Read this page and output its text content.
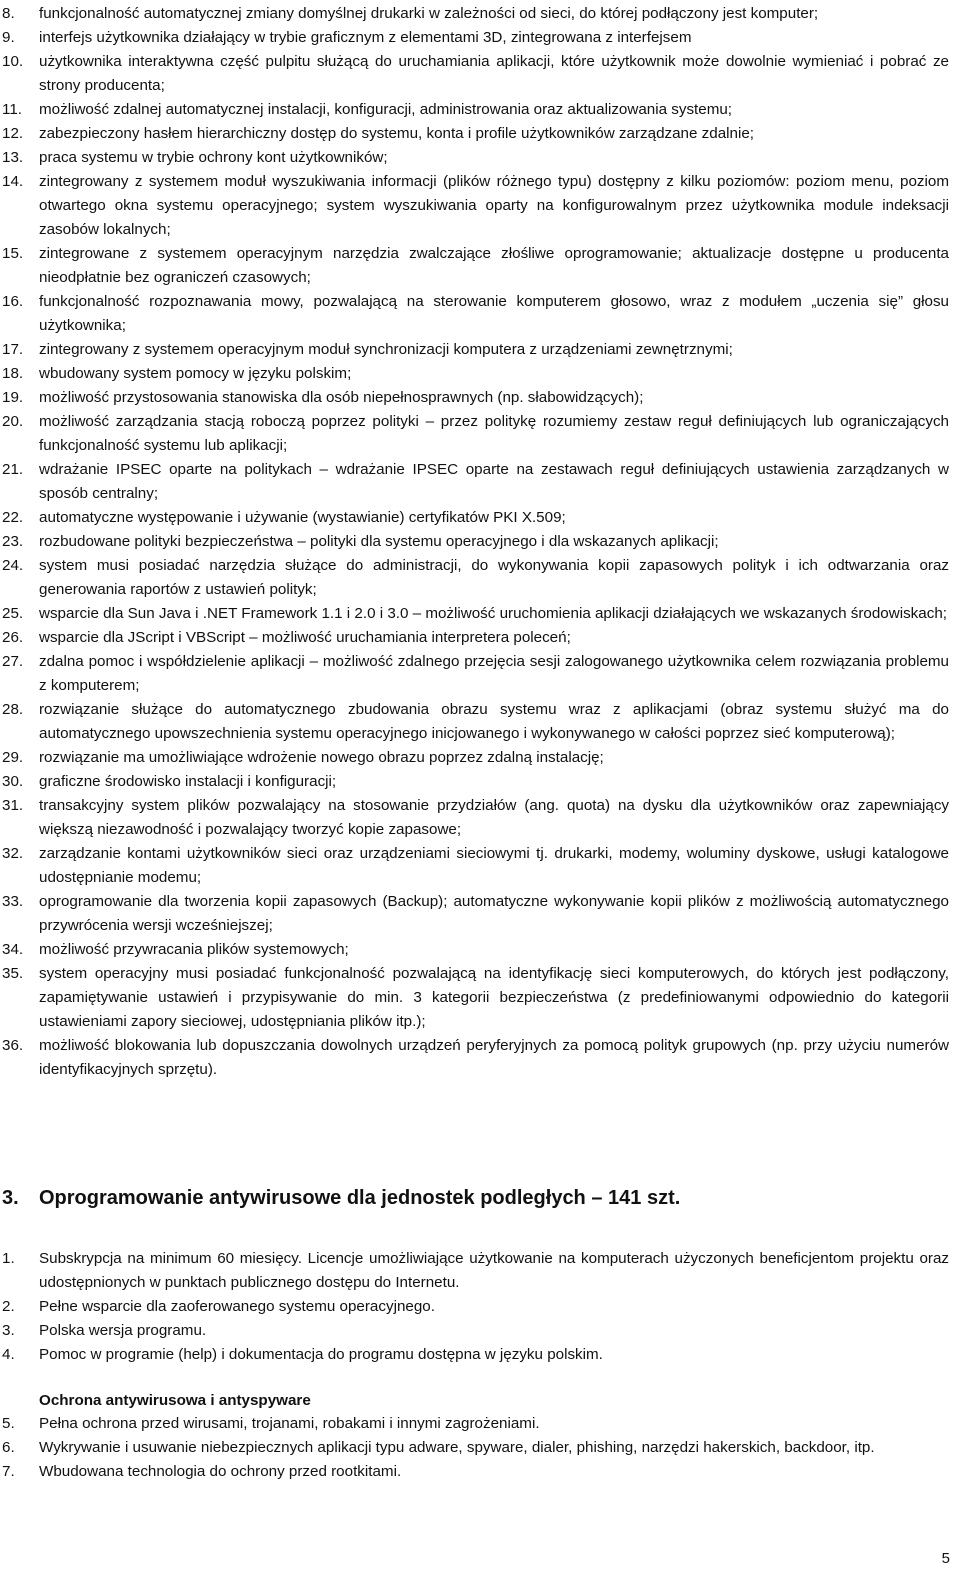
8.	funkcjonalność automatycznej zmiany domyślnej drukarki w zależności od sieci, do której podłączony jest komputer;
9.	interfejs użytkownika działający w trybie graficznym z elementami 3D, zintegrowana z interfejsem
10.	użytkownika interaktywna część pulpitu służącą do uruchamiania aplikacji, które użytkownik może dowolnie wymieniać i pobrać ze strony producenta;
11.	możliwość zdalnej automatycznej instalacji, konfiguracji, administrowania oraz aktualizowania systemu;
12.	zabezpieczony hasłem hierarchiczny dostęp do systemu, konta i profile użytkowników zarządzane zdalnie;
13.	praca systemu w trybie ochrony kont użytkowników;
14.	zintegrowany z systemem moduł wyszukiwania informacji (plików różnego typu) dostępny z kilku poziomów: poziom menu, poziom otwartego okna systemu operacyjnego; system wyszukiwania oparty na konfigurowalnym przez użytkownika module indeksacji zasobów lokalnych;
15.	zintegrowane z systemem operacyjnym narzędzia zwalczające złośliwe oprogramowanie; aktualizacje dostępne u producenta nieodpłatnie bez ograniczeń czasowych;
16.	funkcjonalność rozpoznawania mowy, pozwalającą na sterowanie komputerem głosowo, wraz z modułem „uczenia się” głosu użytkownika;
17.	zintegrowany z systemem operacyjnym moduł synchronizacji komputera z urządzeniami zewnętrznymi;
18.	wbudowany system pomocy w języku polskim;
19.	możliwość przystosowania stanowiska dla osób niepełnosprawnych (np. słabowidzących);
20.	możliwość zarządzania stacją roboczą poprzez polityki – przez politykę rozumiemy zestaw reguł definiujących lub ograniczających funkcjonalność systemu lub aplikacji;
21.	wdrażanie IPSEC oparte na politykach – wdrażanie IPSEC oparte na zestawach reguł definiujących ustawienia zarządzanych w sposób centralny;
22.	automatyczne występowanie i używanie (wystawianie) certyfikatów PKI X.509;
23.	rozbudowane polityki bezpieczeństwa – polityki dla systemu operacyjnego i dla wskazanych aplikacji;
24.	system musi posiadać narzędzia służące do administracji, do wykonywania kopii zapasowych polityk i ich odtwarzania oraz generowania raportów z ustawień polityk;
25.	wsparcie dla Sun Java i .NET Framework 1.1 i 2.0 i 3.0 – możliwość uruchomienia aplikacji działających we wskazanych środowiskach;
26.	wsparcie dla JScript i VBScript – możliwość uruchamiania interpretera poleceń;
27.	zdalna pomoc i współdzielenie aplikacji – możliwość zdalnego przejęcia sesji zalogowanego użytkownika celem rozwiązania problemu z komputerem;
28.	rozwiązanie służące do automatycznego zbudowania obrazu systemu wraz z aplikacjami (obraz systemu służyć ma do automatycznego upowszechnienia systemu operacyjnego inicjowanego i wykonywanego w całości poprzez sieć komputerową);
29.	rozwiązanie ma umożliwiające wdrożenie nowego obrazu poprzez zdalną instalację;
30.	graficzne środowisko instalacji i konfiguracji;
31.	transakcyjny system plików pozwalający na stosowanie przydziałów (ang. quota) na dysku dla użytkowników oraz zapewniający większą niezawodność i pozwalający tworzyć kopie zapasowe;
32.	zarządzanie kontami użytkowników sieci oraz urządzeniami sieciowymi tj. drukarki, modemy, woluminy dyskowe, usługi katalogowe udostępnianie modemu;
33.	oprogramowanie dla tworzenia kopii zapasowych (Backup); automatyczne wykonywanie kopii plików z możliwością automatycznego przywrócenia wersji wcześniejszej;
34.	możliwość przywracania plików systemowych;
35.	system operacyjny musi posiadać funkcjonalność pozwalającą na identyfikację sieci komputerowych, do których jest podłączony, zapamiętywanie ustawień i przypisywanie do min. 3 kategorii bezpieczeństwa (z predefiniowanymi odpowiednio do kategorii ustawieniami zapory sieciowej, udostępniania plików itp.);
36.	możliwość blokowania lub dopuszczania dowolnych urządzeń peryferyjnych za pomocą polityk grupowych (np. przy użyciu numerów identyfikacyjnych sprzętu).
3.	Oprogramowanie antywirusowe dla jednostek podległych – 141 szt.
1.	Subskrypcja na minimum 60 miesięcy. Licencje umożliwiające użytkowanie na komputerach użyczonych beneficjentom projektu oraz udostępnionych w punktach publicznego dostępu do Internetu.
2.	Pełne wsparcie dla zaoferowanego systemu operacyjnego.
3.	Polska wersja programu.
4.	Pomoc w programie (help) i dokumentacja do programu dostępna w języku polskim.
Ochrona antywirusowa i antyspyware
5.	Pełna ochrona przed wirusami, trojanami, robakami i innymi zagrożeniami.
6.	Wykrywanie i usuwanie niebezpiecznych aplikacji typu adware, spyware, dialer, phishing, narzędzi hakerskich, backdoor, itp.
7.	Wbudowana technologia do ochrony przed rootkitami.
5
